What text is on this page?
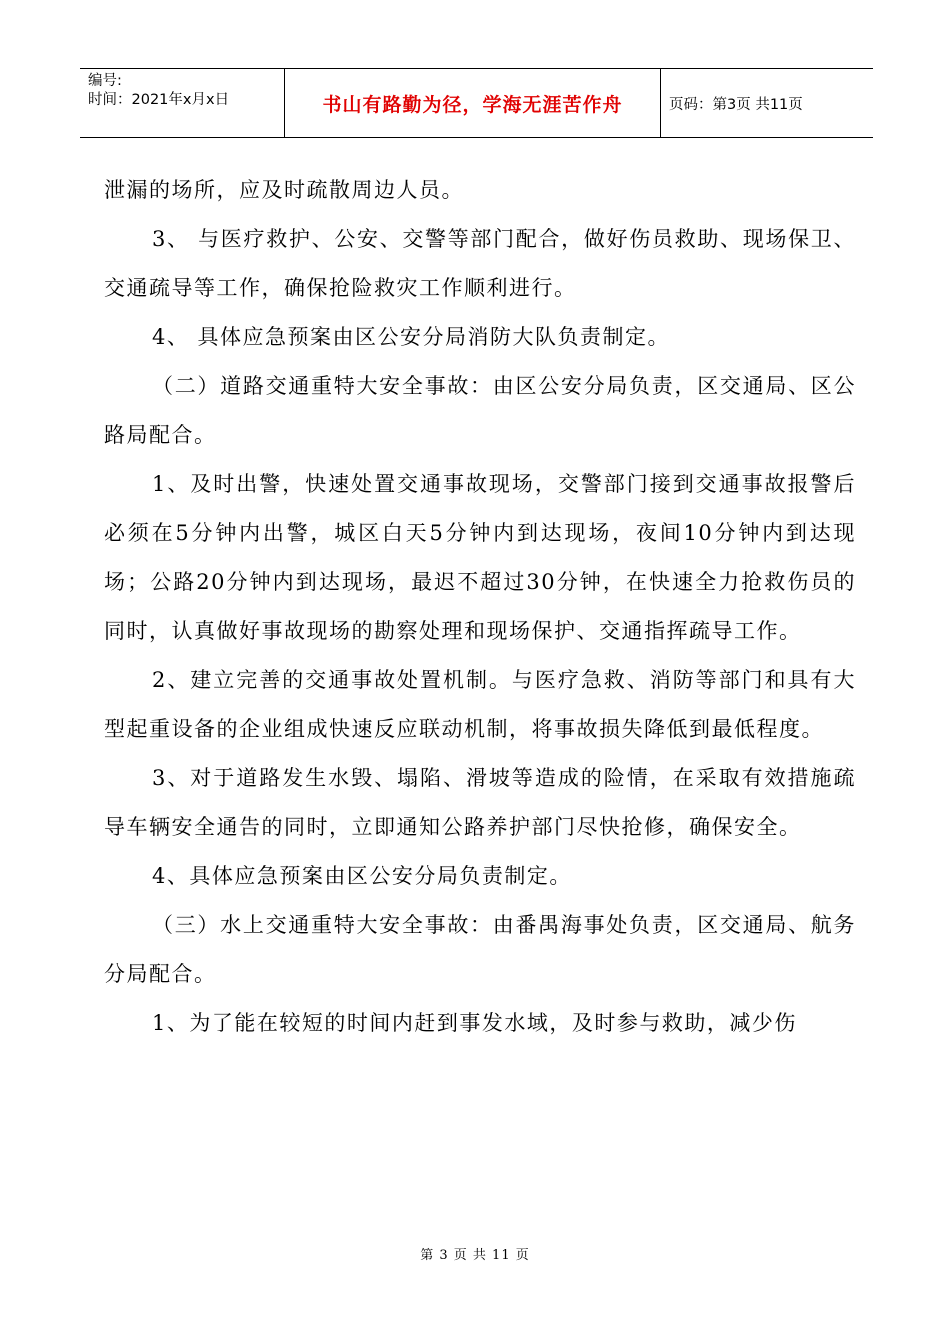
编号:
时间：2021年x月x日	书山有路勤为径，学海无涯苦作舟	页码：第3页 共11页

泄漏的场所，应及时疏散周边人员。

3、 与医疗救护、公安、交警等部门配合，做好伤员救助、现场保卫、交通疏导等工作，确保抢险救灾工作顺利进行。

4、 具体应急预案由区公安分局消防大队负责制定。

（二）道路交通重特大安全事故：由区公安分局负责，区交通局、区公路局配合。

1、及时出警，快速处置交通事故现场，交警部门接到交通事故报警后必须在5分钟内出警，城区白天5分钟内到达现场，夜间10分钟内到达现场；公路20分钟内到达现场，最迟不超过30分钟，在快速全力抢救伤员的同时，认真做好事故现场的勘察处理和现场保护、交通指挥疏导工作。

2、建立完善的交通事故处置机制。与医疗急救、消防等部门和具有大型起重设备的企业组成快速反应联动机制，将事故损失降低到最低程度。

3、对于道路发生水毁、塌陷、滑坡等造成的险情，在采取有效措施疏导车辆安全通告的同时，立即通知公路养护部门尽快抢修，确保安全。

4、具体应急预案由区公安分局负责制定。

（三）水上交通重特大安全事故：由番禺海事处负责，区交通局、航务分局配合。

1、为了能在较短的时间内赶到事发水域，及时参与救助，减少伤

第 3 页 共 11 页
